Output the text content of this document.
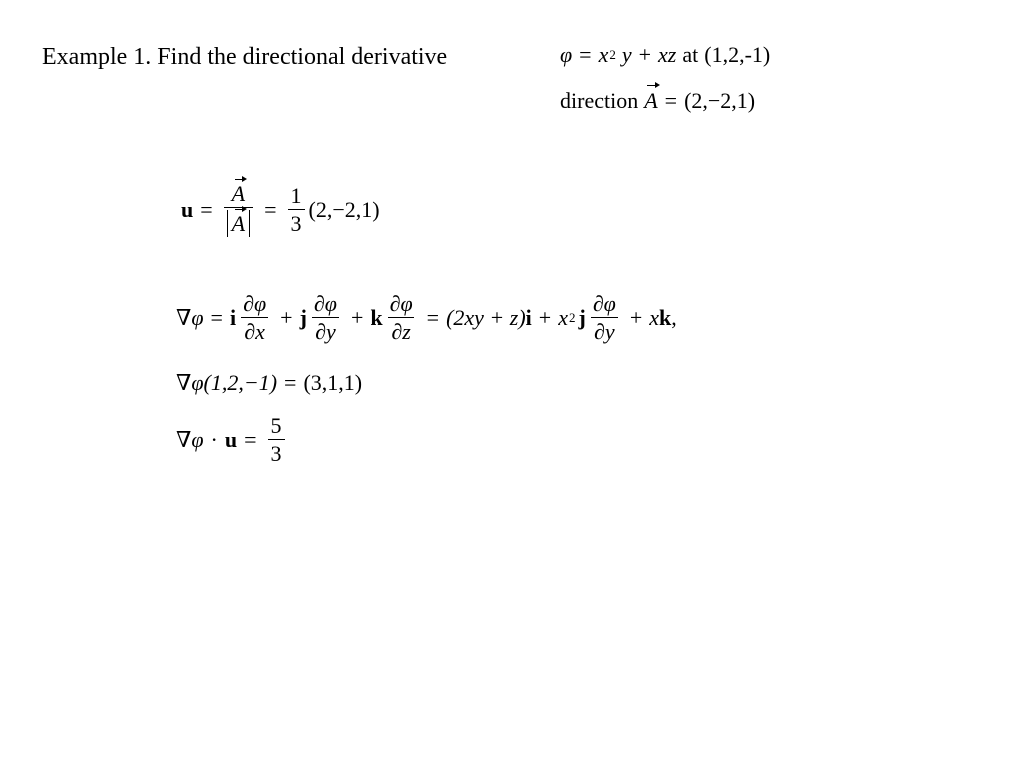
Example 1. Find the directional derivative	φ = x 2 y + xz at (1,2,-1)
direction A = (2,−2,1)
$u = \frac{A}{A} = \frac{1}{3} (2,-2,1)$
∇φ = i $\frac{\partial\varphi}{\partial x} + j \frac{\partial\varphi}{\partial y} + k \frac{\partial\varphi}{\partial z} = (2xy + z) i + x$ 2 j $\frac{\partial\varphi}{\partial y} + x$ k ,
∇φ(1,2,−1) = (3,1,1)
$\nabla\varphi \cdot u = \frac{5}{3}$
